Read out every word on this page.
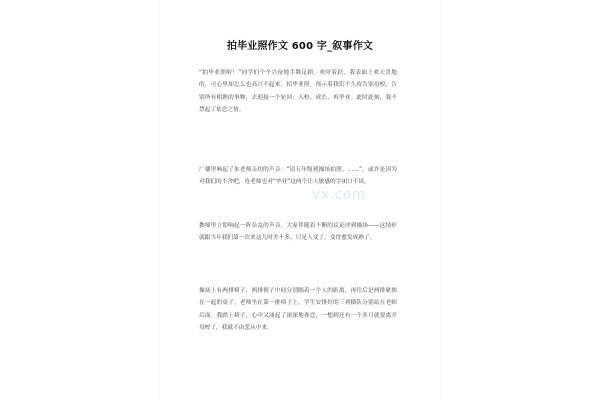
拍毕业照作文 600 字_叙事作文

“拍毕业照啦！”同学们个个兴奋地手舞足蹈，欢呼着跃，我表面上欢天喜地的，可心里却怎么也高兴不起来。拍毕业照，预示着我们不久将告别母校，告别所有相熟的事物，去迎接一个轮回：入校、成长、再毕业。此时此刻，我不禁起了依恋之情。

广播里响起了朱老师亲切的声音：“请五年级到操场拍照。……”，或许是因为对我们的不舍吧，连老师也对“毕业”这两个让人敏感的字闭口不谈。

教师里立即响起一阵杂乱的声音，大家伴随着不断的议论冲到操场——这情形就跟当年我们第一次来这儿时差不多，只是人变了，变得愈发成熟了。

操场上有两排椅子，两排椅子中间分别隔着一个人的距离，再往后是两排紧挨在一起的桌子。老师坐在第一排椅子上，学生安排好的三列横队分别站在老师后面。我踏上椅子，心中又涌起了深深地眷恋，一想到还有一个多月就要离开母校了，我就不由悲从中来。

vx.com
